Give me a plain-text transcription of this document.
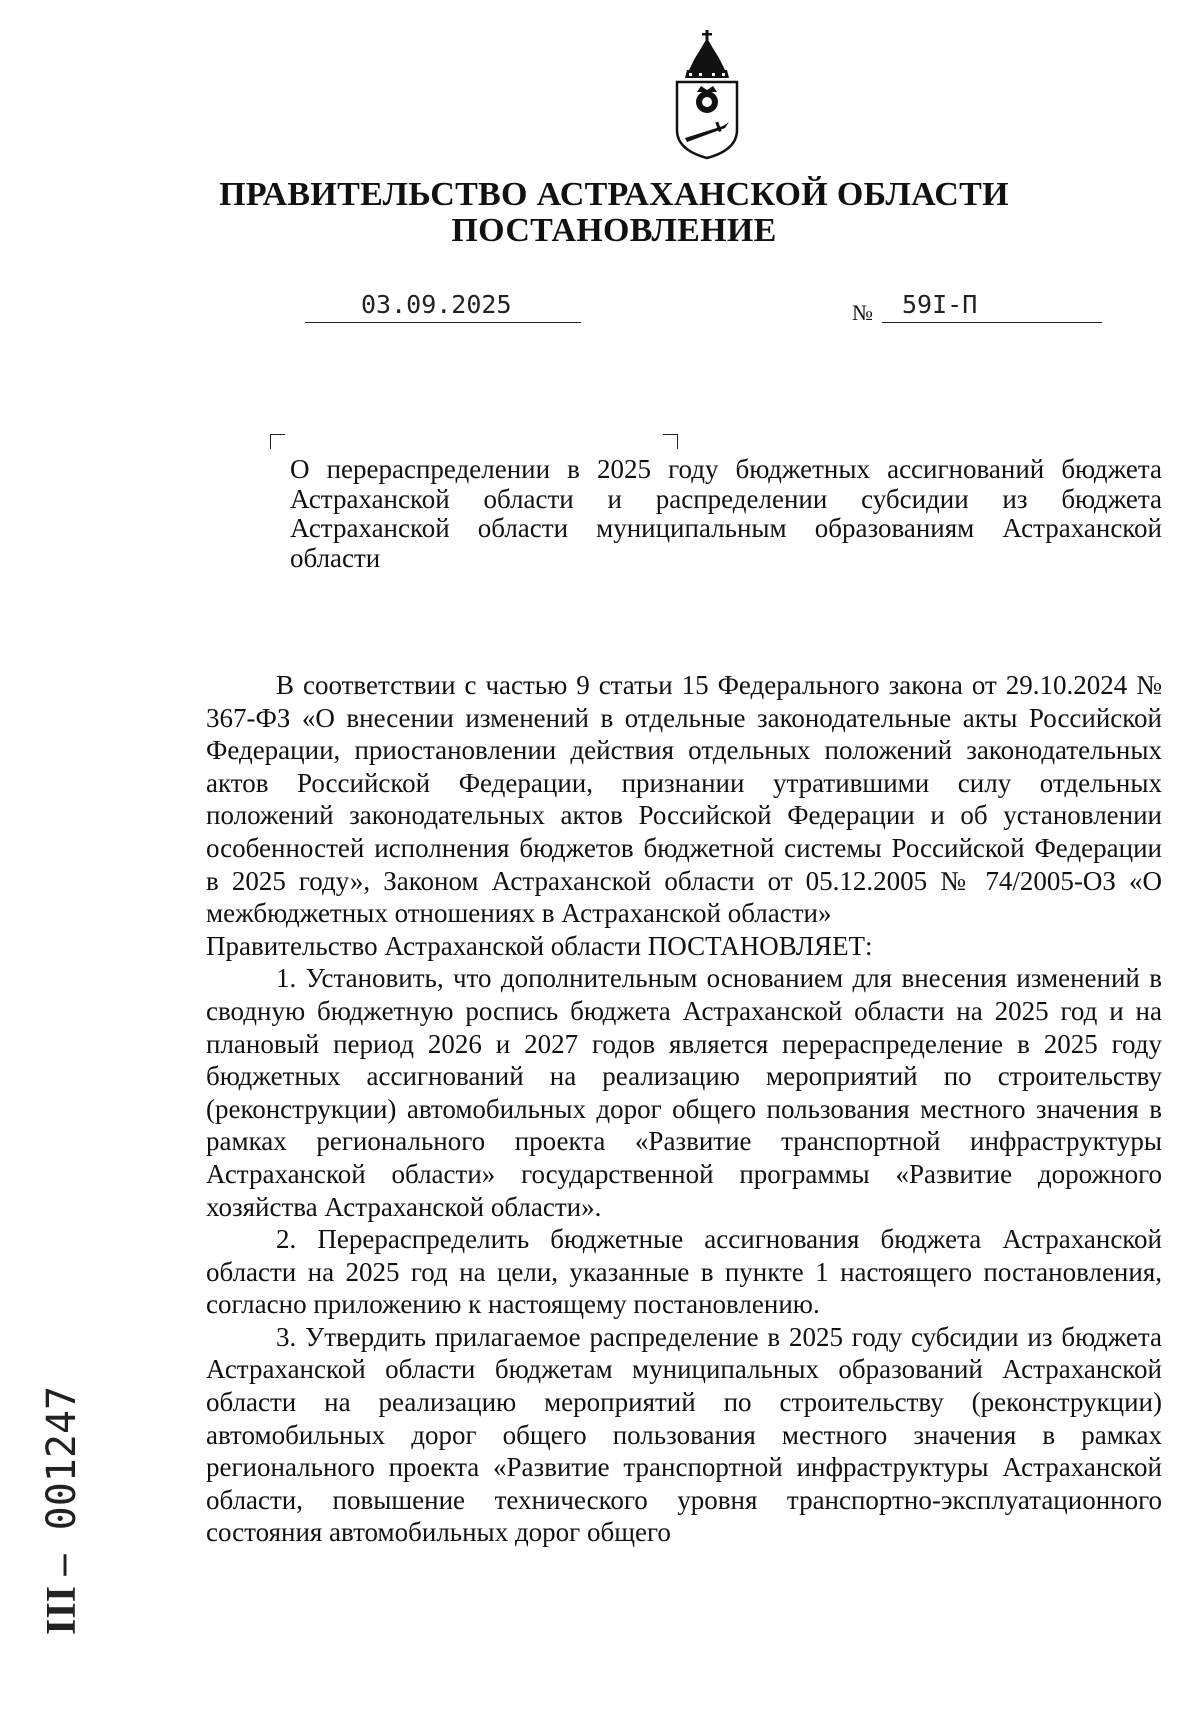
ПРАВИТЕЛЬСТВО АСТРАХАНСКОЙ ОБЛАСТИ
ПОСТАНОВЛЕНИЕ
03.09.2025	№ 59I-П
О перераспределении в 2025 году бюджетных ассигнований бюджета Астраханской области и распределении субсидии из бюджета Астраханской области муниципальным образованиям Астраханской области

В соответствии с частью 9 статьи 15 Федерального закона от 29.10.2024 № 367-ФЗ «О внесении изменений в отдельные законодательные акты Российской Федерации, приостановлении действия отдельных положений законодательных актов Российской Федерации, признании утратившими силу отдельных положений законодательных актов Российской Федерации и об установлении особенностей исполнения бюджетов бюджетной системы Российской Федерации в 2025 году», Законом Астраханской области от 05.12.2005 № 74/2005-ОЗ «О межбюджетных отношениях в Астраханской области»

Правительство Астраханской области ПОСТАНОВЛЯЕТ:

1. Установить, что дополнительным основанием для внесения изменений в сводную бюджетную роспись бюджета Астраханской области на 2025 год и на плановый период 2026 и 2027 годов является перераспределение в 2025 году бюджетных ассигнований на реализацию мероприятий по строительству (реконструкции) автомобильных дорог общего пользования местного значения в рамках регионального проекта «Развитие транспортной инфраструктуры Астраханской области» государственной программы «Развитие дорожного хозяйства Астраханской области».

2. Перераспределить бюджетные ассигнования бюджета Астраханской области на 2025 год на цели, указанные в пункте 1 настоящего постановления, согласно приложению к настоящему постановлению.

3. Утвердить прилагаемое распределение в 2025 году субсидии из бюджета Астраханской области бюджетам муниципальных образований Астраханской области на реализацию мероприятий по строительству (реконструкции) автомобильных дорог общего пользования местного значения в рамках регионального проекта «Развитие транспортной инфраструктуры Астраханской области, повышение технического уровня транспортно-эксплуатационного состояния автомобильных дорог общего

III – 001247
